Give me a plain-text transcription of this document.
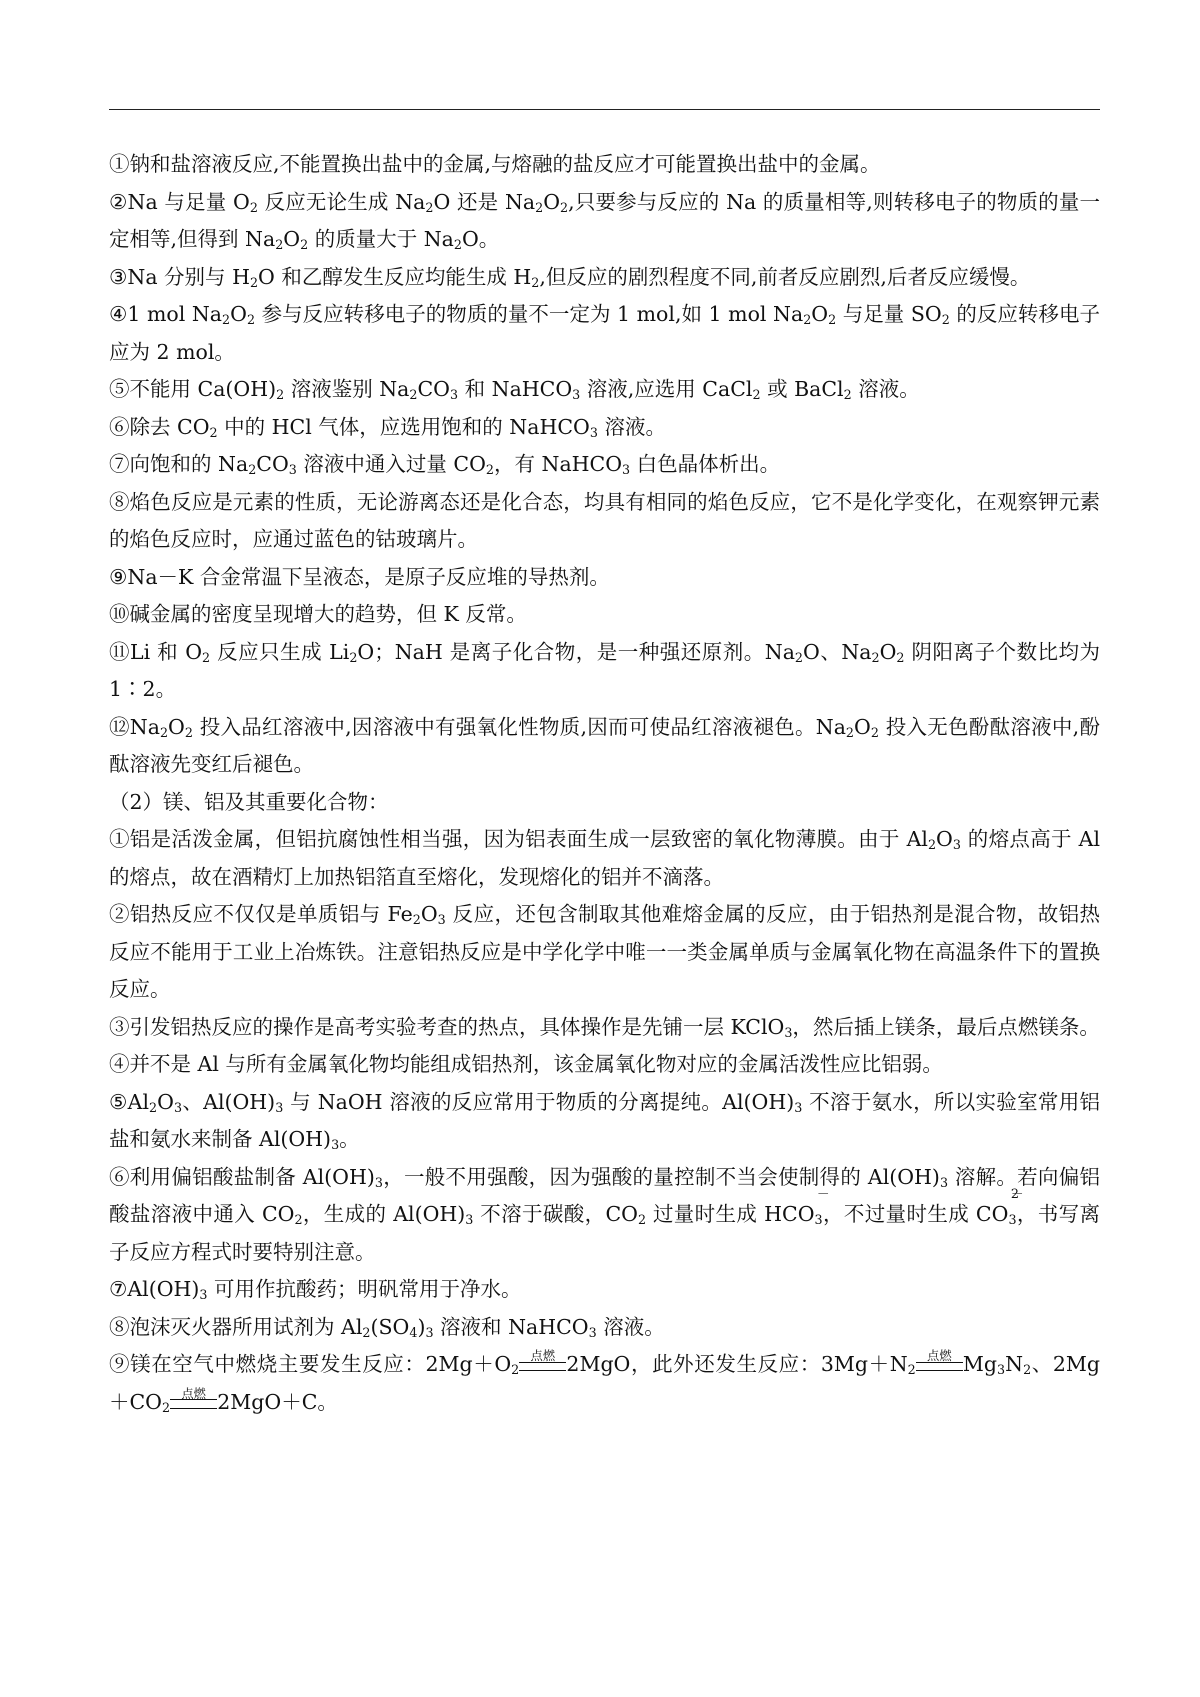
①钠和盐溶液反应,不能置换出盐中的金属,与熔融的盐反应才可能置换出盐中的金属。

②Na 与足量 $O_2$ 反应无论生成 $Na_2O$ 还是 $Na_2O_2$,只要参与反应的 Na 的质量相等,则转移电子的物质的量一定相等,但得到 $Na_2O_2$ 的质量大于 $Na_2O$。

③Na 分别与 $H_2O$ 和乙醇发生反应均能生成 $H_2$,但反应的剧烈程度不同,前者反应剧烈,后者反应缓慢。

④1 mol $Na_2O_2$ 参与反应转移电子的物质的量不一定为 1 mol,如 1 mol $Na_2O_2$ 与足量 $SO_2$ 的反应转移电子应为 2 mol。

⑤不能用 $Ca(OH)_2$ 溶液鉴别 $Na_2CO_3$ 和 NaHCO$_3$ 溶液,应选用 CaCl$_2$ 或 BaCl$_2$ 溶液。

⑥除去 $CO_2$ 中的 HCl 气体，应选用饱和的 NaHCO$_3$ 溶液。

⑦向饱和的 $Na_2CO_3$ 溶液中通入过量 $CO_2$，有 NaHCO$_3$ 白色晶体析出。

⑧焰色反应是元素的性质，无论游离态还是化合态，均具有相同的焰色反应，它不是化学变化，在观察钾元素的焰色反应时，应通过蓝色的钴玻璃片。

⑨Na－K 合金常温下呈液态，是原子反应堆的导热剂。

⑩碱金属的密度呈现增大的趋势，但 K 反常。

⑪Li 和 $O_2$ 反应只生成 $Li_2O$；NaH 是离子化合物，是一种强还原剂。$Na_2O$、$Na_2O_2$ 阴阳离子个数比均为 1∶2。

$⑫Na_2O_2$ 投入品红溶液中,因溶液中有强氧化性物质,因而可使品红溶液褪色。$Na_2O_2$ 投入无色酚酞溶液中,酚酞溶液先变红后褪色。

（2）镁、铝及其重要化合物：

①铝是活泼金属，但铝抗腐蚀性相当强，因为铝表面生成一层致密的氧化物薄膜。由于 $Al_2O_3$ 的熔点高于 Al 的熔点，故在酒精灯上加热铝箔直至熔化，发现熔化的铝并不滴落。

②铝热反应不仅仅是单质铝与 $Fe_2O_3$ 反应，还包含制取其他难熔金属的反应，由于铝热剂是混合物，故铝热反应不能用于工业上冶炼铁。注意铝热反应是中学化学中唯一一类金属单质与金属氧化物在高温条件下的置换反应。

③引发铝热反应的操作是高考实验考查的热点，具体操作是先铺一层 KClO$_3$，然后插上镁条，最后点燃镁条。

④并不是 Al 与所有金属氧化物均能组成铝热剂，该金属氧化物对应的金属活泼性应比铝弱。

$⑤Al_2O_3$、$Al(OH)_3$ 与 NaOH 溶液的反应常用于物质的分离提纯。$Al(OH)_3$ 不溶于氨水，所以实验室常用铝盐和氨水来制备 $Al(OH)_3$。

⑥利用偏铝酸盐制备 $Al(OH)_3$，一般不用强酸，因为强酸的量控制不当会使制得的 $Al(OH)_3$ 溶解。若向偏铝酸盐溶液中通入 $CO_2$，生成的 $Al(OH)_3$ 不溶于碳酸，$CO_2$ 过量时生成 $HCO_3$
－
，不过量时生成 $CO_3$
2－
，书写离子反应方程式时要特别注意。

$⑦Al(OH)_3$ 可用作抗酸药；明矾常用于净水。

⑧泡沫灭火器所用试剂为 $Al_2(SO_4)_3$ 溶液和 NaHCO$_3$ 溶液。

⑨镁在空气中燃烧主要发生反应：$2Mg+O_2$
点燃 2MgO，此外还发生反应：$3Mg+N_2$
点燃 $Mg_3N_2$、$2Mg+CO_2$
点燃 2MgO＋C。
